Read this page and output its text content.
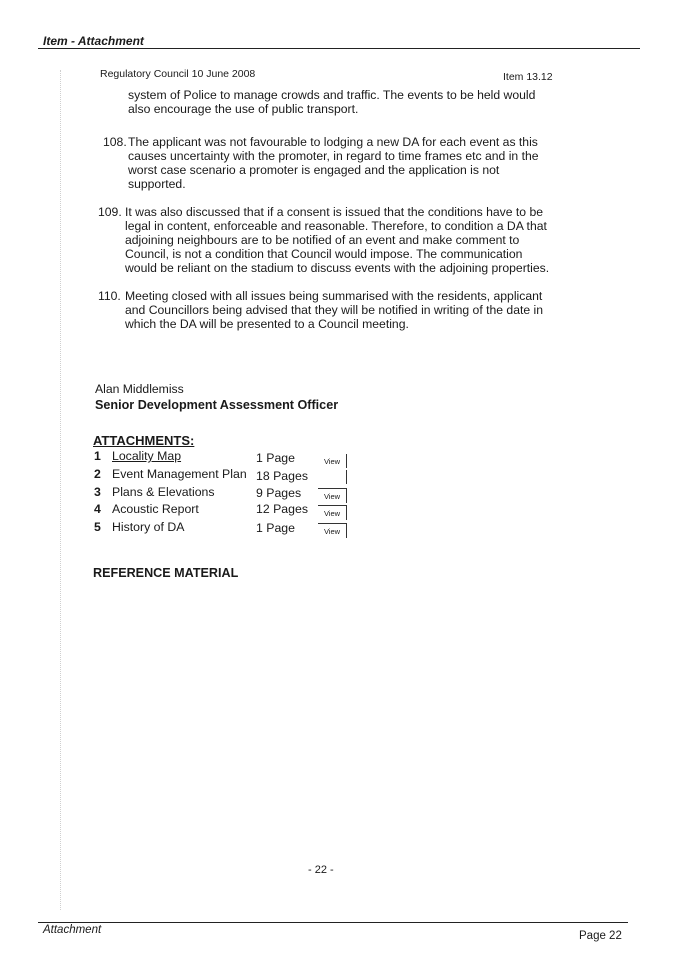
Item - Attachment
Regulatory Council 10 June 2008	Item 13.12
system of Police to manage crowds and traffic. The events to be held would also encourage the use of public transport.
108. The applicant was not favourable to lodging a new DA for each event as this causes uncertainty with the promoter, in regard to time frames etc and in the worst case scenario a promoter is engaged and the application is not supported.
109. It was also discussed that if a consent is issued that the conditions have to be legal in content, enforceable and reasonable. Therefore, to condition a DA that adjoining neighbours are to be notified of an event and make comment to Council, is not a condition that Council would impose. The communication would be reliant on the stadium to discuss events with the adjoining properties.
110. Meeting closed with all issues being summarised with the residents, applicant and Councillors being advised that they will be notified in writing of the date in which the DA will be presented to a Council meeting.
Alan Middlemiss
Senior Development Assessment Officer
ATTACHMENTS:
1 Locality Map	1 Page	View
2 Event Management Plan 18 Pages
3 Plans & Elevations	9 Pages	View
4 Acoustic Report	12 Pages	View
5 History of DA	1 Page	View
REFERENCE MATERIAL
- 22 -
Attachment	Page 22
